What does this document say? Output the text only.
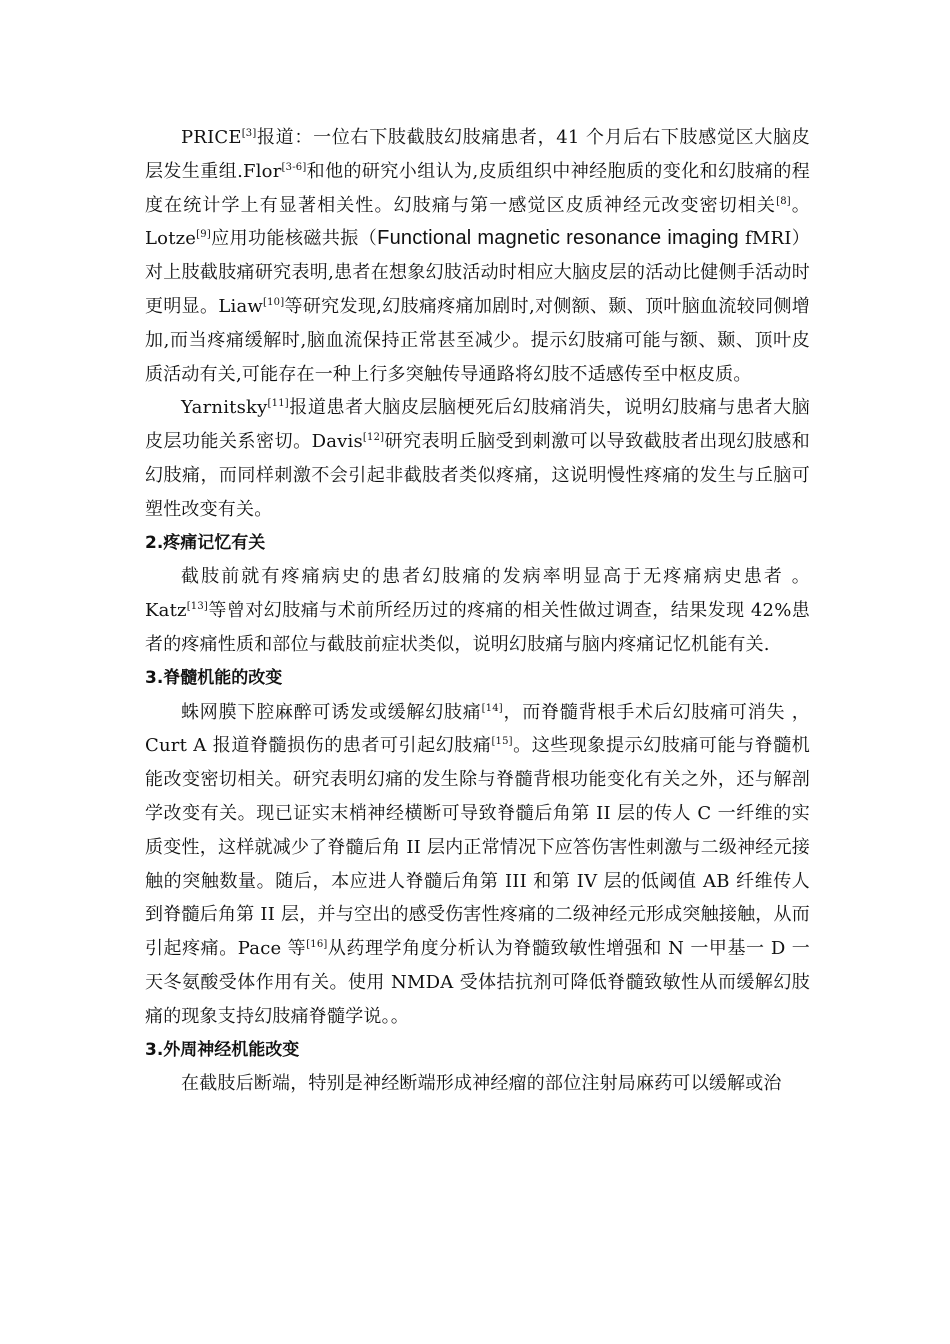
PRICE[3]报道：一位右下肢截肢幻肢痛患者，41 个月后右下肢感觉区大脑皮层发生重组.Flor[3-6]和他的研究小组认为,皮质组织中神经胞质的变化和幻肢痛的程度在统计学上有显著相关性。幻肢痛与第一感觉区皮质神经元改变密切相关[8]。Lotze[9]应用功能核磁共振（Functional magnetic resonance imaging fMRI）对上肢截肢痛研究表明,患者在想象幻肢活动时相应大脑皮层的活动比健侧手活动时更明显。Liaw[10]等研究发现,幻肢痛疼痛加剧时,对侧额、颞、顶叶脑血流较同侧增加,而当疼痛缓解时,脑血流保持正常甚至减少。提示幻肢痛可能与额、颞、顶叶皮质活动有关,可能存在一种上行多突触传导通路将幻肢不适感传至中枢皮质。

Yarnitsky[11]报道患者大脑皮层脑梗死后幻肢痛消失，说明幻肢痛与患者大脑皮层功能关系密切。Davis[12]研究表明丘脑受到刺激可以导致截肢者出现幻肢感和幻肢痛，而同样刺激不会引起非截肢者类似疼痛，这说明慢性疼痛的发生与丘脑可塑性改变有关。

2.疼痛记忆有关

截肢前就有疼痛病史的患者幻肢痛的发病率明显高于无疼痛病史患者 。Katz[13]等曾对幻肢痛与术前所经历过的疼痛的相关性做过调查，结果发现 42%患者的疼痛性质和部位与截肢前症状类似，说明幻肢痛与脑内疼痛记忆机能有关.

3.脊髓机能的改变

蛛网膜下腔麻醉可诱发或缓解幻肢痛[14]，而脊髓背根手术后幻肢痛可消失 ，Curt A 报道脊髓损伤的患者可引起幻肢痛[15]。这些现象提示幻肢痛可能与脊髓机能改变密切相关。研究表明幻痛的发生除与脊髓背根功能变化有关之外，还与解剖学改变有关。现已证实末梢神经横断可导致脊髓后角第 II 层的传人 C 一纤维的实质变性，这样就减少了脊髓后角 II 层内正常情况下应答伤害性刺激与二级神经元接触的突触数量。随后，本应进人脊髓后角第 III 和第 IV 层的低阈值 AB 纤维传人到脊髓后角第 II 层，并与空出的感受伤害性疼痛的二级神经元形成突触接触，从而引起疼痛。Pace 等[16]从药理学角度分析认为脊髓致敏性增强和 N 一甲基一 D 一天冬氨酸受体作用有关。使用 NMDA 受体拮抗剂可降低脊髓致敏性从而缓解幻肢痛的现象支持幻肢痛脊髓学说。。

3.外周神经机能改变

在截肢后断端，特别是神经断端形成神经瘤的部位注射局麻药可以缓解或治
